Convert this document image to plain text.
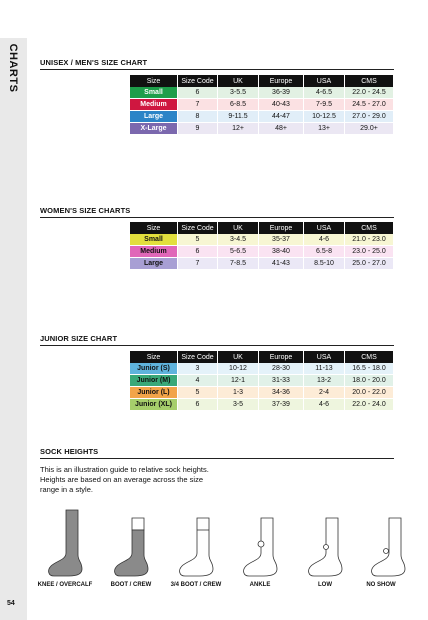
CHARTS	UNISEX / MEN'S SIZE CHART
Size	Size Code	UK	Europe	USA	CMS
Small	6	3-5.5	36-39	4-6.5	22.0 - 24.5
Medium	7	6-8.5	40-43	7-9.5	24.5 - 27.0
Large	8	9-11.5	44-47	10-12.5	27.0 - 29.0
X-Large	9	12+	48+	13+	29.0+
WOMEN'S SIZE CHARTS
Size	Size Code	UK	Europe	USA	CMS
Small	5	3-4.5	35-37	4-6	21.0 - 23.0
Medium	6	5-6.5	38-40	6.5-8	23.0 - 25.0
Large	7	7-8.5	41-43	8.5-10	25.0 - 27.0
JUNIOR SIZE CHART
Size	Size Code	UK	Europe	USA	CMS
Junior (S)	3	10-12	28-30	11-13	16.5 - 18.0
Junior (M)	4	12-1	31-33	13-2	18.0 - 20.0
Junior (L)	5	1-3	34-36	2-4	20.0 - 22.0
Junior (XL)	6	3-5	37-39	4-6	22.0 - 24.0
SOCK HEIGHTS
This is an illustration guide to relative sock heights. Heights are based on an average across the size range in a style.
KNEE / OVERCALF	BOOT / CREW	3/4 BOOT / CREW	ANKLE	LOW	NO SHOW
54
